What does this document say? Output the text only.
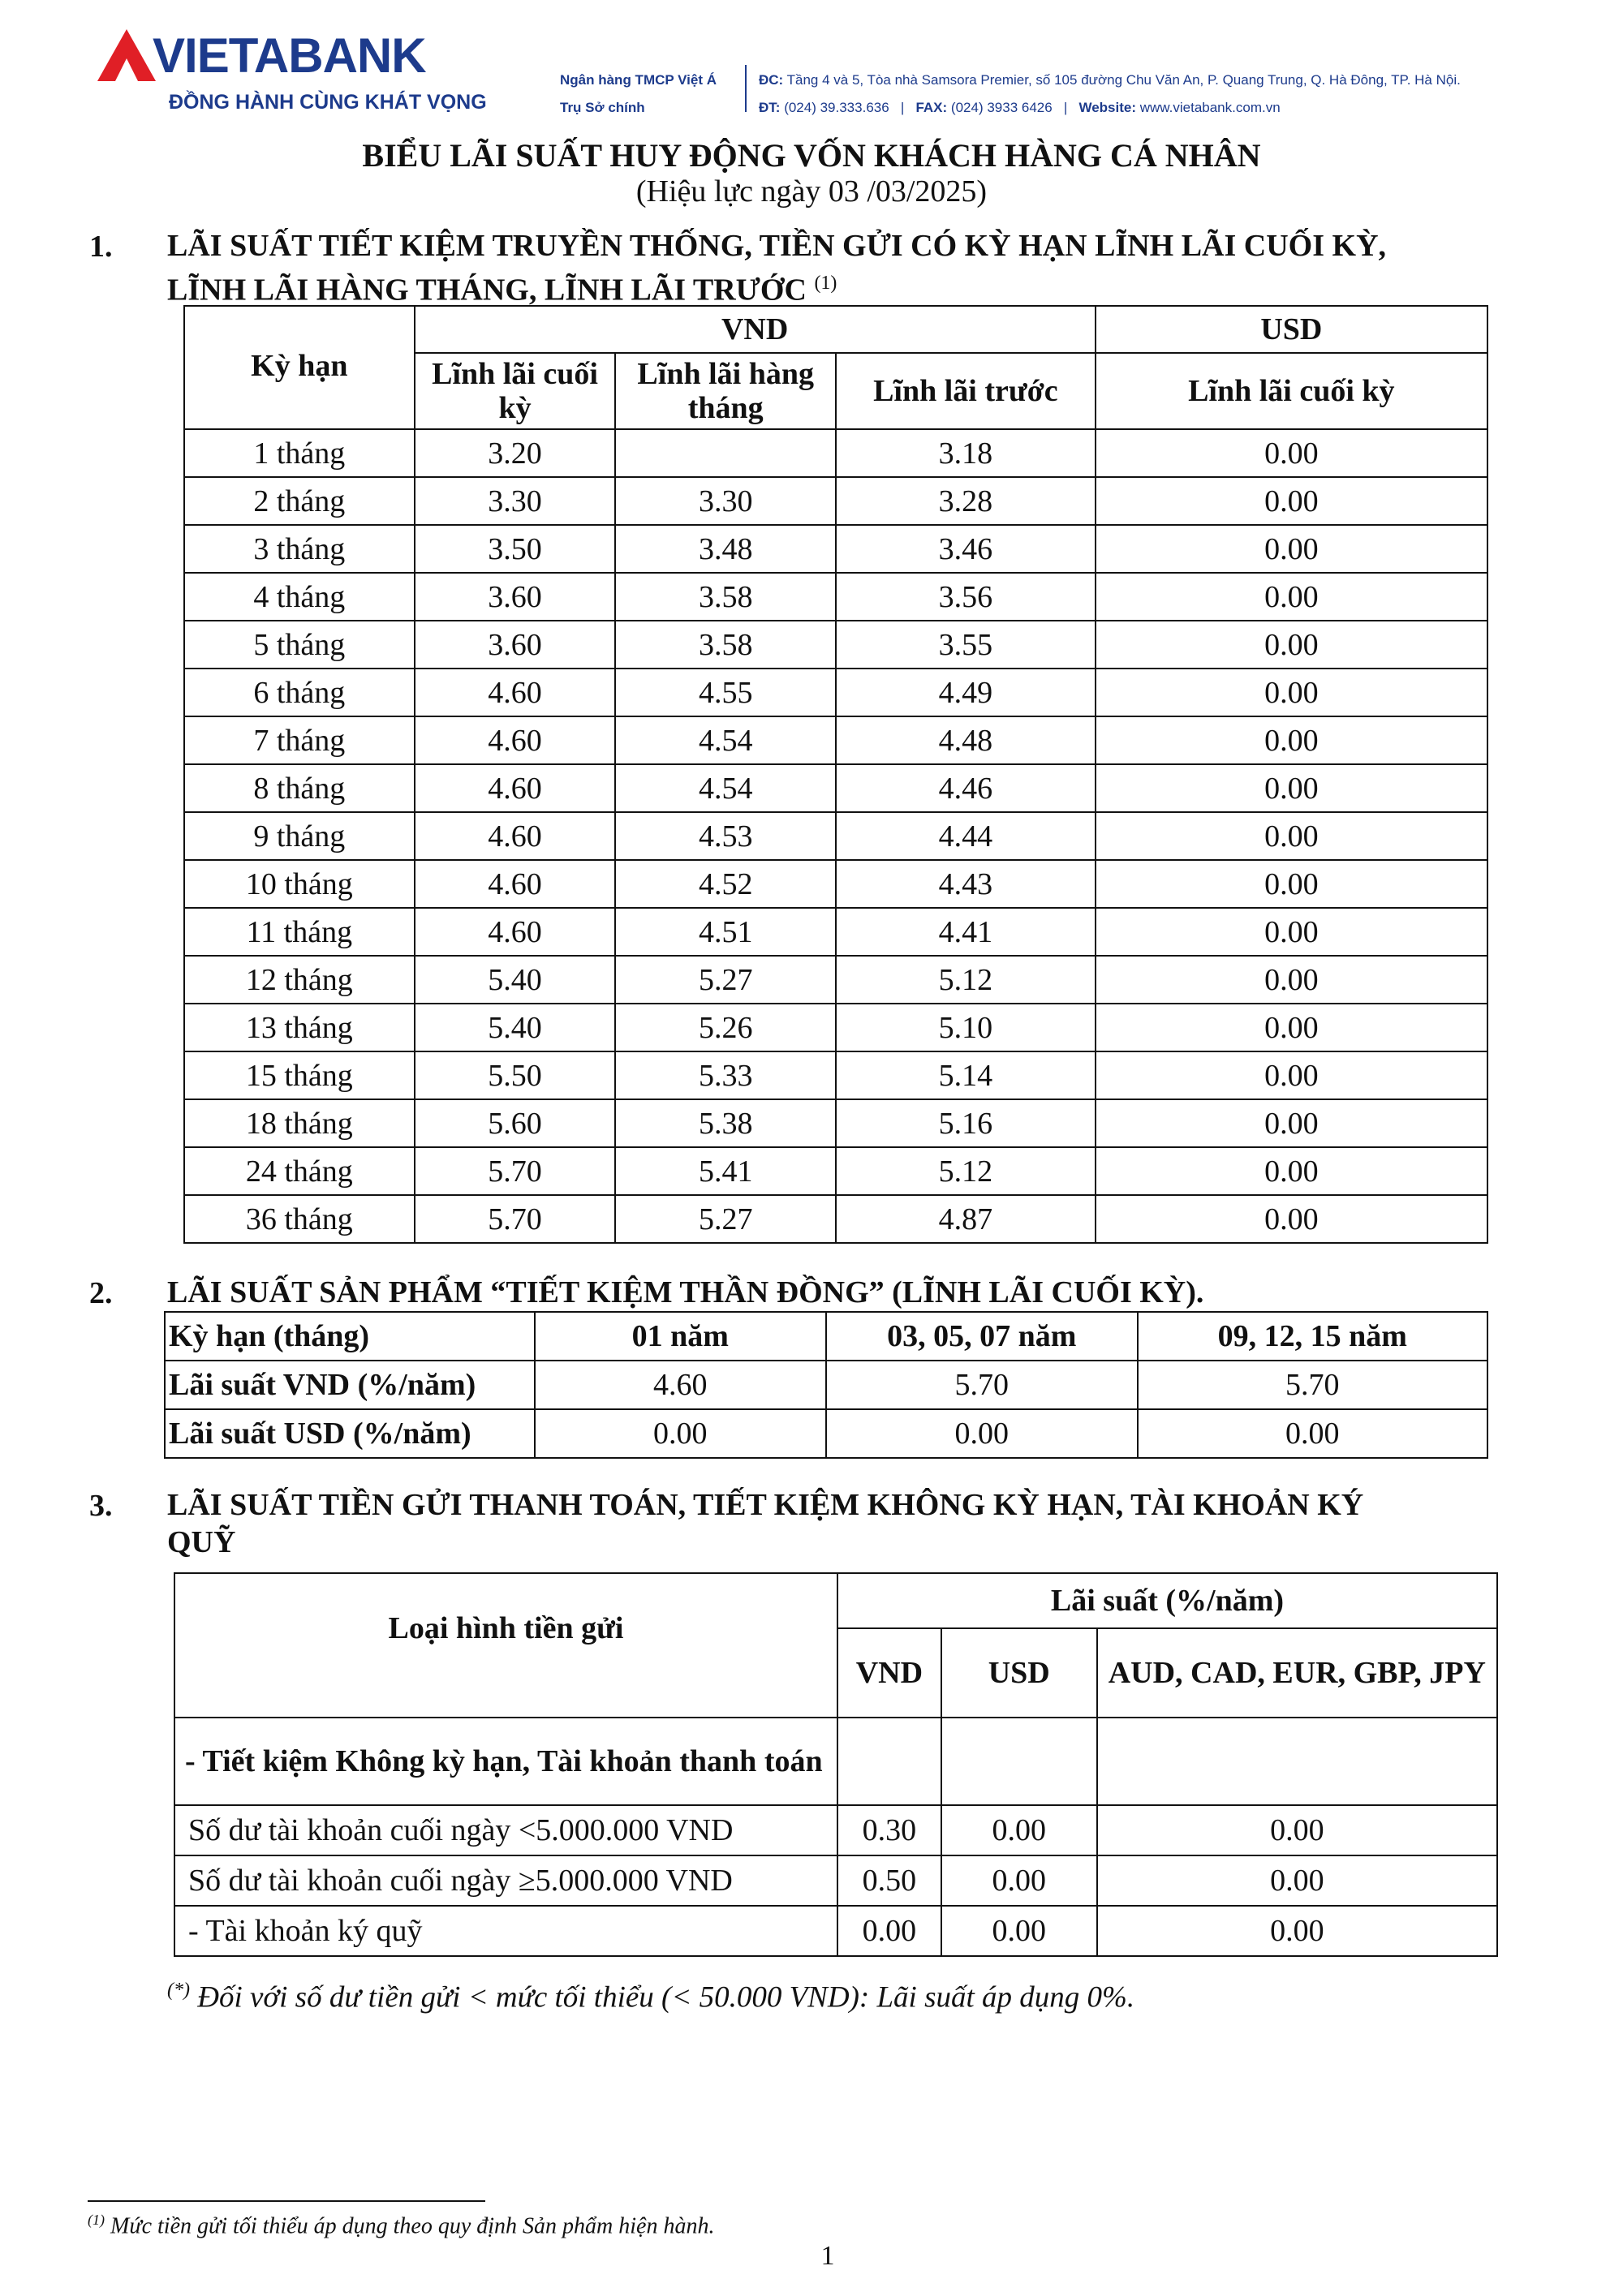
VIETABANK
ĐỒNG HÀNH CÙNG KHÁT VỌNG
Ngân hàng TMCP Việt Á
Trụ Sở chính
ĐC: Tầng 4 và 5, Tòa nhà Samsora Premier, số 105 đường Chu Văn An, P. Quang Trung, Q. Hà Đông, TP. Hà Nội.
ĐT: (024) 39.333.636   |   FAX: (024) 3933 6426   |   Website: www.vietabank.com.vn
BIỂU LÃI SUẤT HUY ĐỘNG VỐN KHÁCH HÀNG CÁ NHÂN
(Hiệu lực ngày 03 /03/2025)
1. LÃI SUẤT TIẾT KIỆM TRUYỀN THỐNG, TIỀN GỬI CÓ KỲ HẠN LĨNH LÃI CUỐI KỲ,
LĨNH LÃI HÀNG THÁNG, LĨNH LÃI TRƯỚC $^{(1)}$
Kỳ hạn	VND			USD
	Lĩnh lãi cuối kỳ	Lĩnh lãi hàng tháng	Lĩnh lãi trước	Lĩnh lãi cuối kỳ
1 tháng	3.20		3.18	0.00
2 tháng	3.30	3.30	3.28	0.00
3 tháng	3.50	3.48	3.46	0.00
4 tháng	3.60	3.58	3.56	0.00
5 tháng	3.60	3.58	3.55	0.00
6 tháng	4.60	4.55	4.49	0.00
7 tháng	4.60	4.54	4.48	0.00
8 tháng	4.60	4.54	4.46	0.00
9 tháng	4.60	4.53	4.44	0.00
10 tháng	4.60	4.52	4.43	0.00
11 tháng	4.60	4.51	4.41	0.00
12 tháng	5.40	5.27	5.12	0.00
13 tháng	5.40	5.26	5.10	0.00
15 tháng	5.50	5.33	5.14	0.00
18 tháng	5.60	5.38	5.16	0.00
24 tháng	5.70	5.41	5.12	0.00
36 tháng	5.70	5.27	4.87	0.00
2. LÃI SUẤT SẢN PHẨM “TIẾT KIỆM THẦN ĐỒNG” (LĨNH LÃI CUỐI KỲ).
Kỳ hạn (tháng)	01 năm	03, 05, 07 năm	09, 12, 15 năm
Lãi suất VND (%/năm)	4.60	5.70	5.70
Lãi suất USD (%/năm)	0.00	0.00	0.00
3. LÃI SUẤT TIỀN GỬI THANH TOÁN, TIẾT KIỆM KHÔNG KỲ HẠN, TÀI KHOẢN KÝ
QUỸ
Loại hình tiền gửi	Lãi suất (%/năm)		
	VND	USD	AUD, CAD, EUR, GBP, JPY
- Tiết kiệm Không kỳ hạn, Tài khoản thanh toán			
Số dư tài khoản cuối ngày <5.000.000 VND	0.30	0.00	0.00
Số dư tài khoản cuối ngày ≥5.000.000 VND	0.50	0.00	0.00
- Tài khoản ký quỹ	0.00	0.00	0.00
(*) Đối với số dư tiền gửi < mức tối thiểu (< 50.000 VND): Lãi suất áp dụng 0%.
$^{(1)}$ Mức tiền gửi tối thiểu áp dụng theo quy định Sản phẩm hiện hành.
1
